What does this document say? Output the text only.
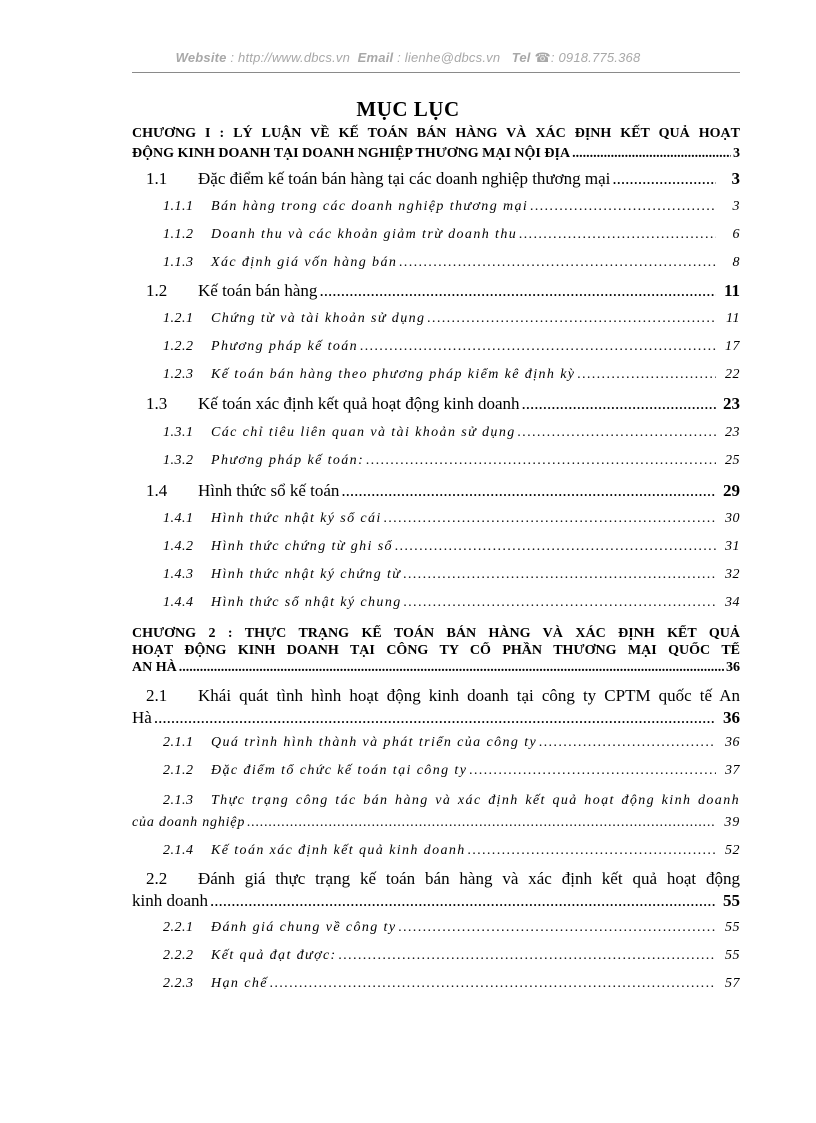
Website : http://www.dbcs.vn Email : lienhe@dbcs.vn Tel ☎: 0918.775.368
MỤC LỤC
CHƯƠNG I : LÝ LUẬN VỀ KẾ TOÁN BÁN HÀNG VÀ XÁC ĐỊNH KẾT QUẢ HOẠT
ĐỘNG KINH DOANH TẠI DOANH NGHIỆP THƯƠNG MẠI NỘI ĐỊA .....	3
1.1 Đặc điểm kế toán bán hàng tại các doanh nghiệp thương mại .....	3
1.1.1 Bán hàng trong các doanh nghiệp thương mại .....	3
1.1.2 Doanh thu và các khoản giảm trừ doanh thu .....	6
1.1.3 Xác định giá vốn hàng bán .....	8
1.2 Kế toán bán hàng .....	11
1.2.1 Chứng từ và tài khoản sử dụng .....	11
1.2.2 Phương pháp kế toán .....	17
1.2.3 Kế toán bán hàng theo phương pháp kiểm kê định kỳ .....	22
1.3 Kế toán xác định kết quả hoạt động kinh doanh .....	23
1.3.1 Các chỉ tiêu liên quan và tài khoản sử dụng .....	23
1.3.2 Phương pháp kế toán: .....	25
1.4 Hình thức sổ kế toán .....	29
1.4.1 Hình thức nhật ký sổ cái .....	30
1.4.2 Hình thức chứng từ ghi sổ .....	31
1.4.3 Hình thức nhật ký chứng từ .....	32
1.4.4 Hình thức sổ nhật ký chung .....	34
CHƯƠNG 2 : THỰC TRẠNG KẾ TOÁN BÁN HÀNG VÀ XÁC ĐỊNH KẾT QUẢ
HOẠT ĐỘNG KINH DOANH TẠI CÔNG TY CỔ PHẦN THƯƠNG MẠI QUỐC TẾ
AN HÀ .....	36
2.1 Khái quát tình hình hoạt động kinh doanh tại công ty CPTM quốc tế An
Hà .....	36
2.1.1 Quá trình hình thành và phát triển của công ty .....	36
2.1.2 Đặc điểm tổ chức kế toán tại công ty .....	37
2.1.3 Thực trạng công tác bán hàng và xác định kết quả hoạt động kinh doanh
của doanh nghiệp .....	39
2.1.4 Kế toán xác định kết quả kinh doanh .....	52
2.2 Đánh giá thực trạng kế toán bán hàng và xác định kết quả hoạt động
kinh doanh .....	55
2.2.1 Đánh giá chung về công ty .....	55
2.2.2 Kết quả đạt được: .....	55
2.2.3 Hạn chế .....	57
